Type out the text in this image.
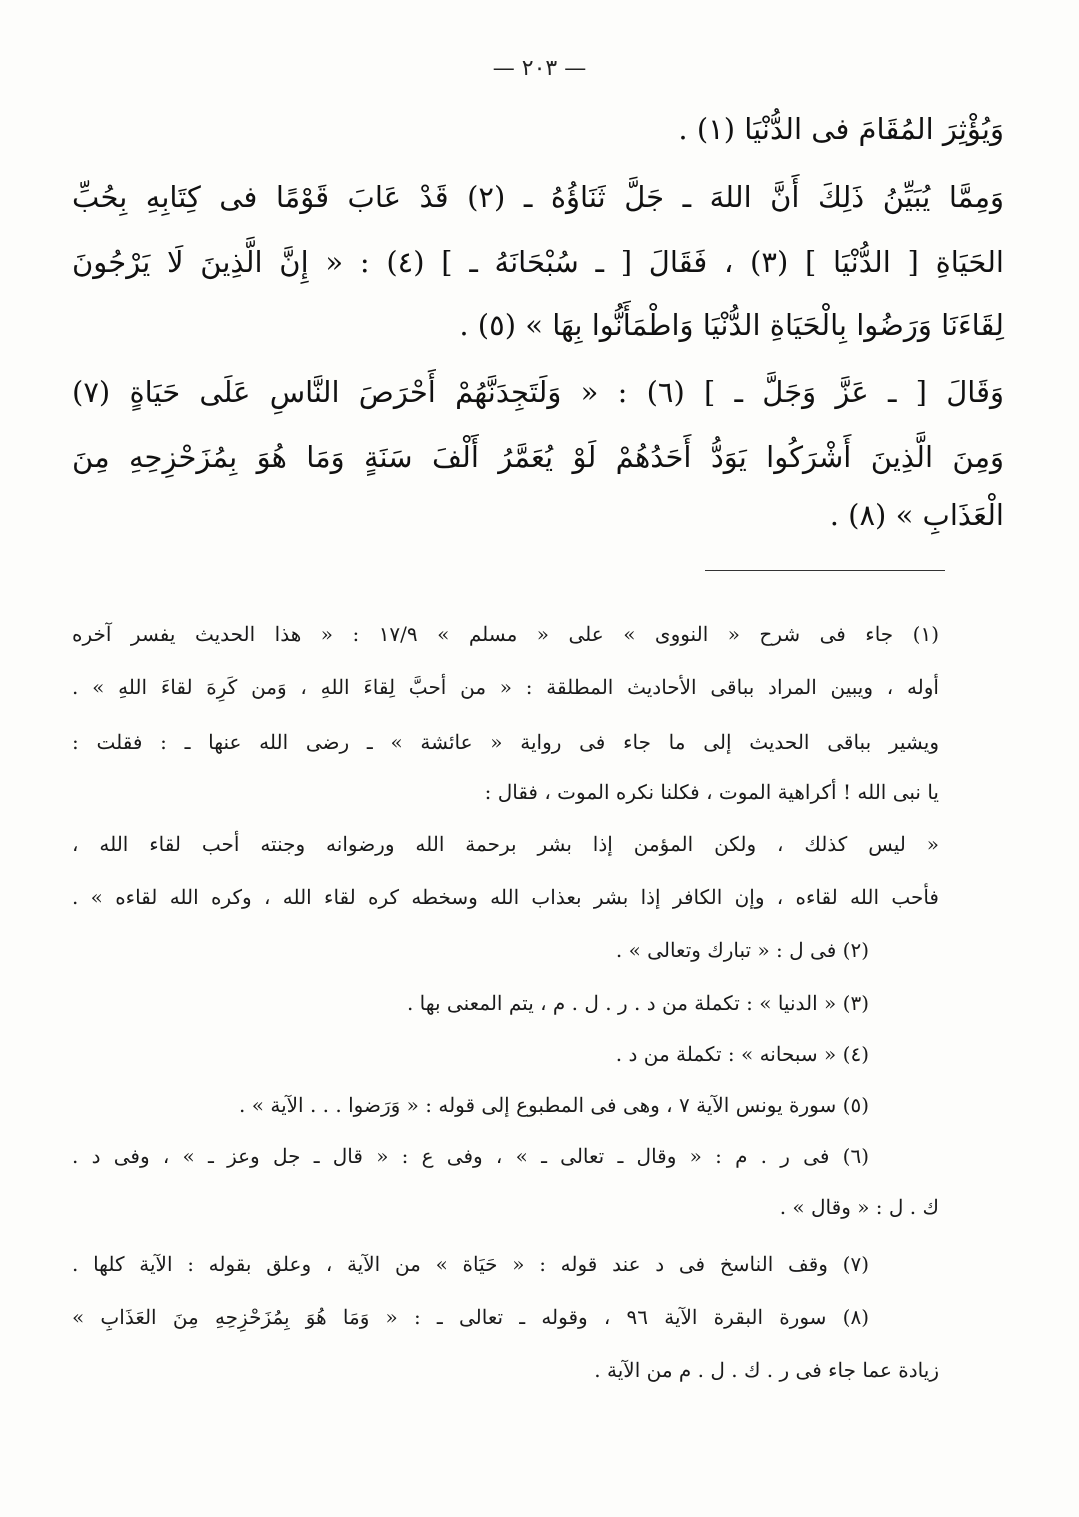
— ٢٠٣ —
وَيُؤْثِرَ المُقَامَ فى الدُّنْيَا (١) .
وَمِمَّا يُبَيِّنُ ذَلِكَ أَنَّ اللهَ ـ جَلَّ ثَنَاؤُهُ ـ (٢) قَدْ عَابَ قَوْمًا فى كِتَابِهِ بِحُبِّ
الحَيَاةِ [ الدُّنْيَا ] (٣) ، فَقَالَ [ ـ سُبْحَانَهُ ـ ] (٤) : « إِنَّ الَّذِينَ لَا يَرْجُونَ
لِقَاءَنَا وَرَضُوا بِالْحَيَاةِ الدُّنْيَا وَاطْمَأَنُّوا بِهَا » (٥) .
وَقَالَ [ ـ عَزَّ وَجَلَّ ـ ] (٦) : « وَلَتَجِدَنَّهُمْ أَحْرَصَ النَّاسِ عَلَى حَيَاةٍ (٧)
وَمِنَ الَّذِينَ أَشْرَكُوا يَوَدُّ أَحَدُهُمْ لَوْ يُعَمَّرُ أَلْفَ سَنَةٍ وَمَا هُوَ بِمُزَحْزِحِهِ مِنَ
الْعَذَابِ » (٨) .
(١) جاء فى شرح « النووى » على « مسلم » ١٧/٩ : « هذا الحديث يفسر آخره
أوله ، ويبين المراد بباقى الأحاديث المطلقة : « من أحبَّ لِقاءَ اللهِ ، وَمن كَرِهَ لقاءَ اللهِ » .
ويشير بباقى الحديث إلى ما جاء فى رواية « عائشة » ـ رضى الله عنها ـ : فقلت :
يا نبى الله ! أكراهية الموت ، فكلنا نكره الموت ، فقال :
« ليس كذلك ، ولكن المؤمن إذا بشر برحمة الله ورضوانه وجنته أحب لقاء الله ،
فأحب الله لقاءه ، وإن الكافر إذا بشر بعذاب الله وسخطه كره لقاء الله ، وكره الله لقاءه » .
(٢) فى ل : « تبارك وتعالى » .
(٣) « الدنيا » : تكملة من د . ر . ل . م ، يتم المعنى بها .
(٤) « سبحانه » : تكملة من د .
(٥) سورة يونس الآية ٧ ، وهى فى المطبوع إلى قوله : « وَرَضوا . . . الآية » .
(٦) فى ر . م : « وقال ـ تعالى ـ » ، وفى ع : « قال ـ جل وعز ـ » ، وفى د .
ك . ل : « وقال » .
(٧) وقف الناسخ فى د عند قوله : « حَيَاة » من الآية ، وعلق بقوله : الآية كلها .
(٨) سورة البقرة الآية ٩٦ ، وقوله ـ تعالى ـ : « وَمَا هُوَ بِمُزَحْزِحِهِ مِنَ العَذَابِ »
زيادة عما جاء فى ر . ك . ل . م من الآية .
